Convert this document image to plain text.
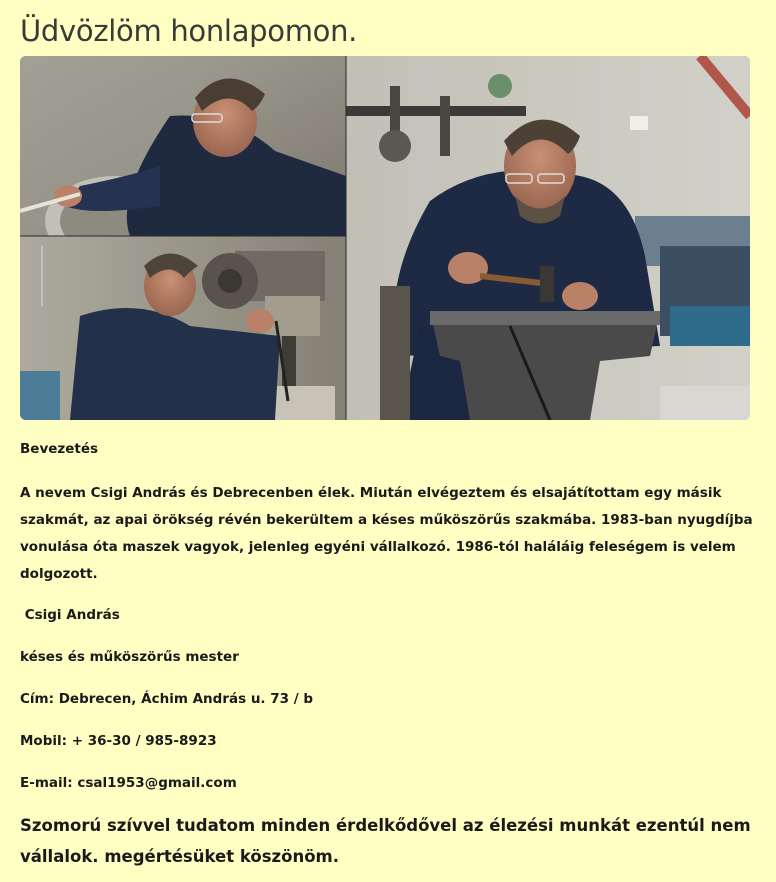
Üdvözlöm honlapomon.

Bevezetés

A nevem Csigi András és Debrecenben élek. Miután elvégeztem és elsajátítottam egy másik szakmát, az apai örökség révén bekerültem a késes műköszörűs szakmába. 1983-ban nyugdíjba vonulása óta maszek vagyok, jelenleg egyéni vállalkozó. 1986-tól haláláig feleségem is velem dolgozott.

Csigi András

késes és műköszörűs mester

Cím: Debrecen, Áchim András u. 73 / b

Mobil: + 36-30 / 985-8923

E-mail: csal1953@gmail.com

Szomorú szívvel tudatom minden érdelkődővel az élezési munkát ezentúl nem vállalok. megértésüket köszönöm.
